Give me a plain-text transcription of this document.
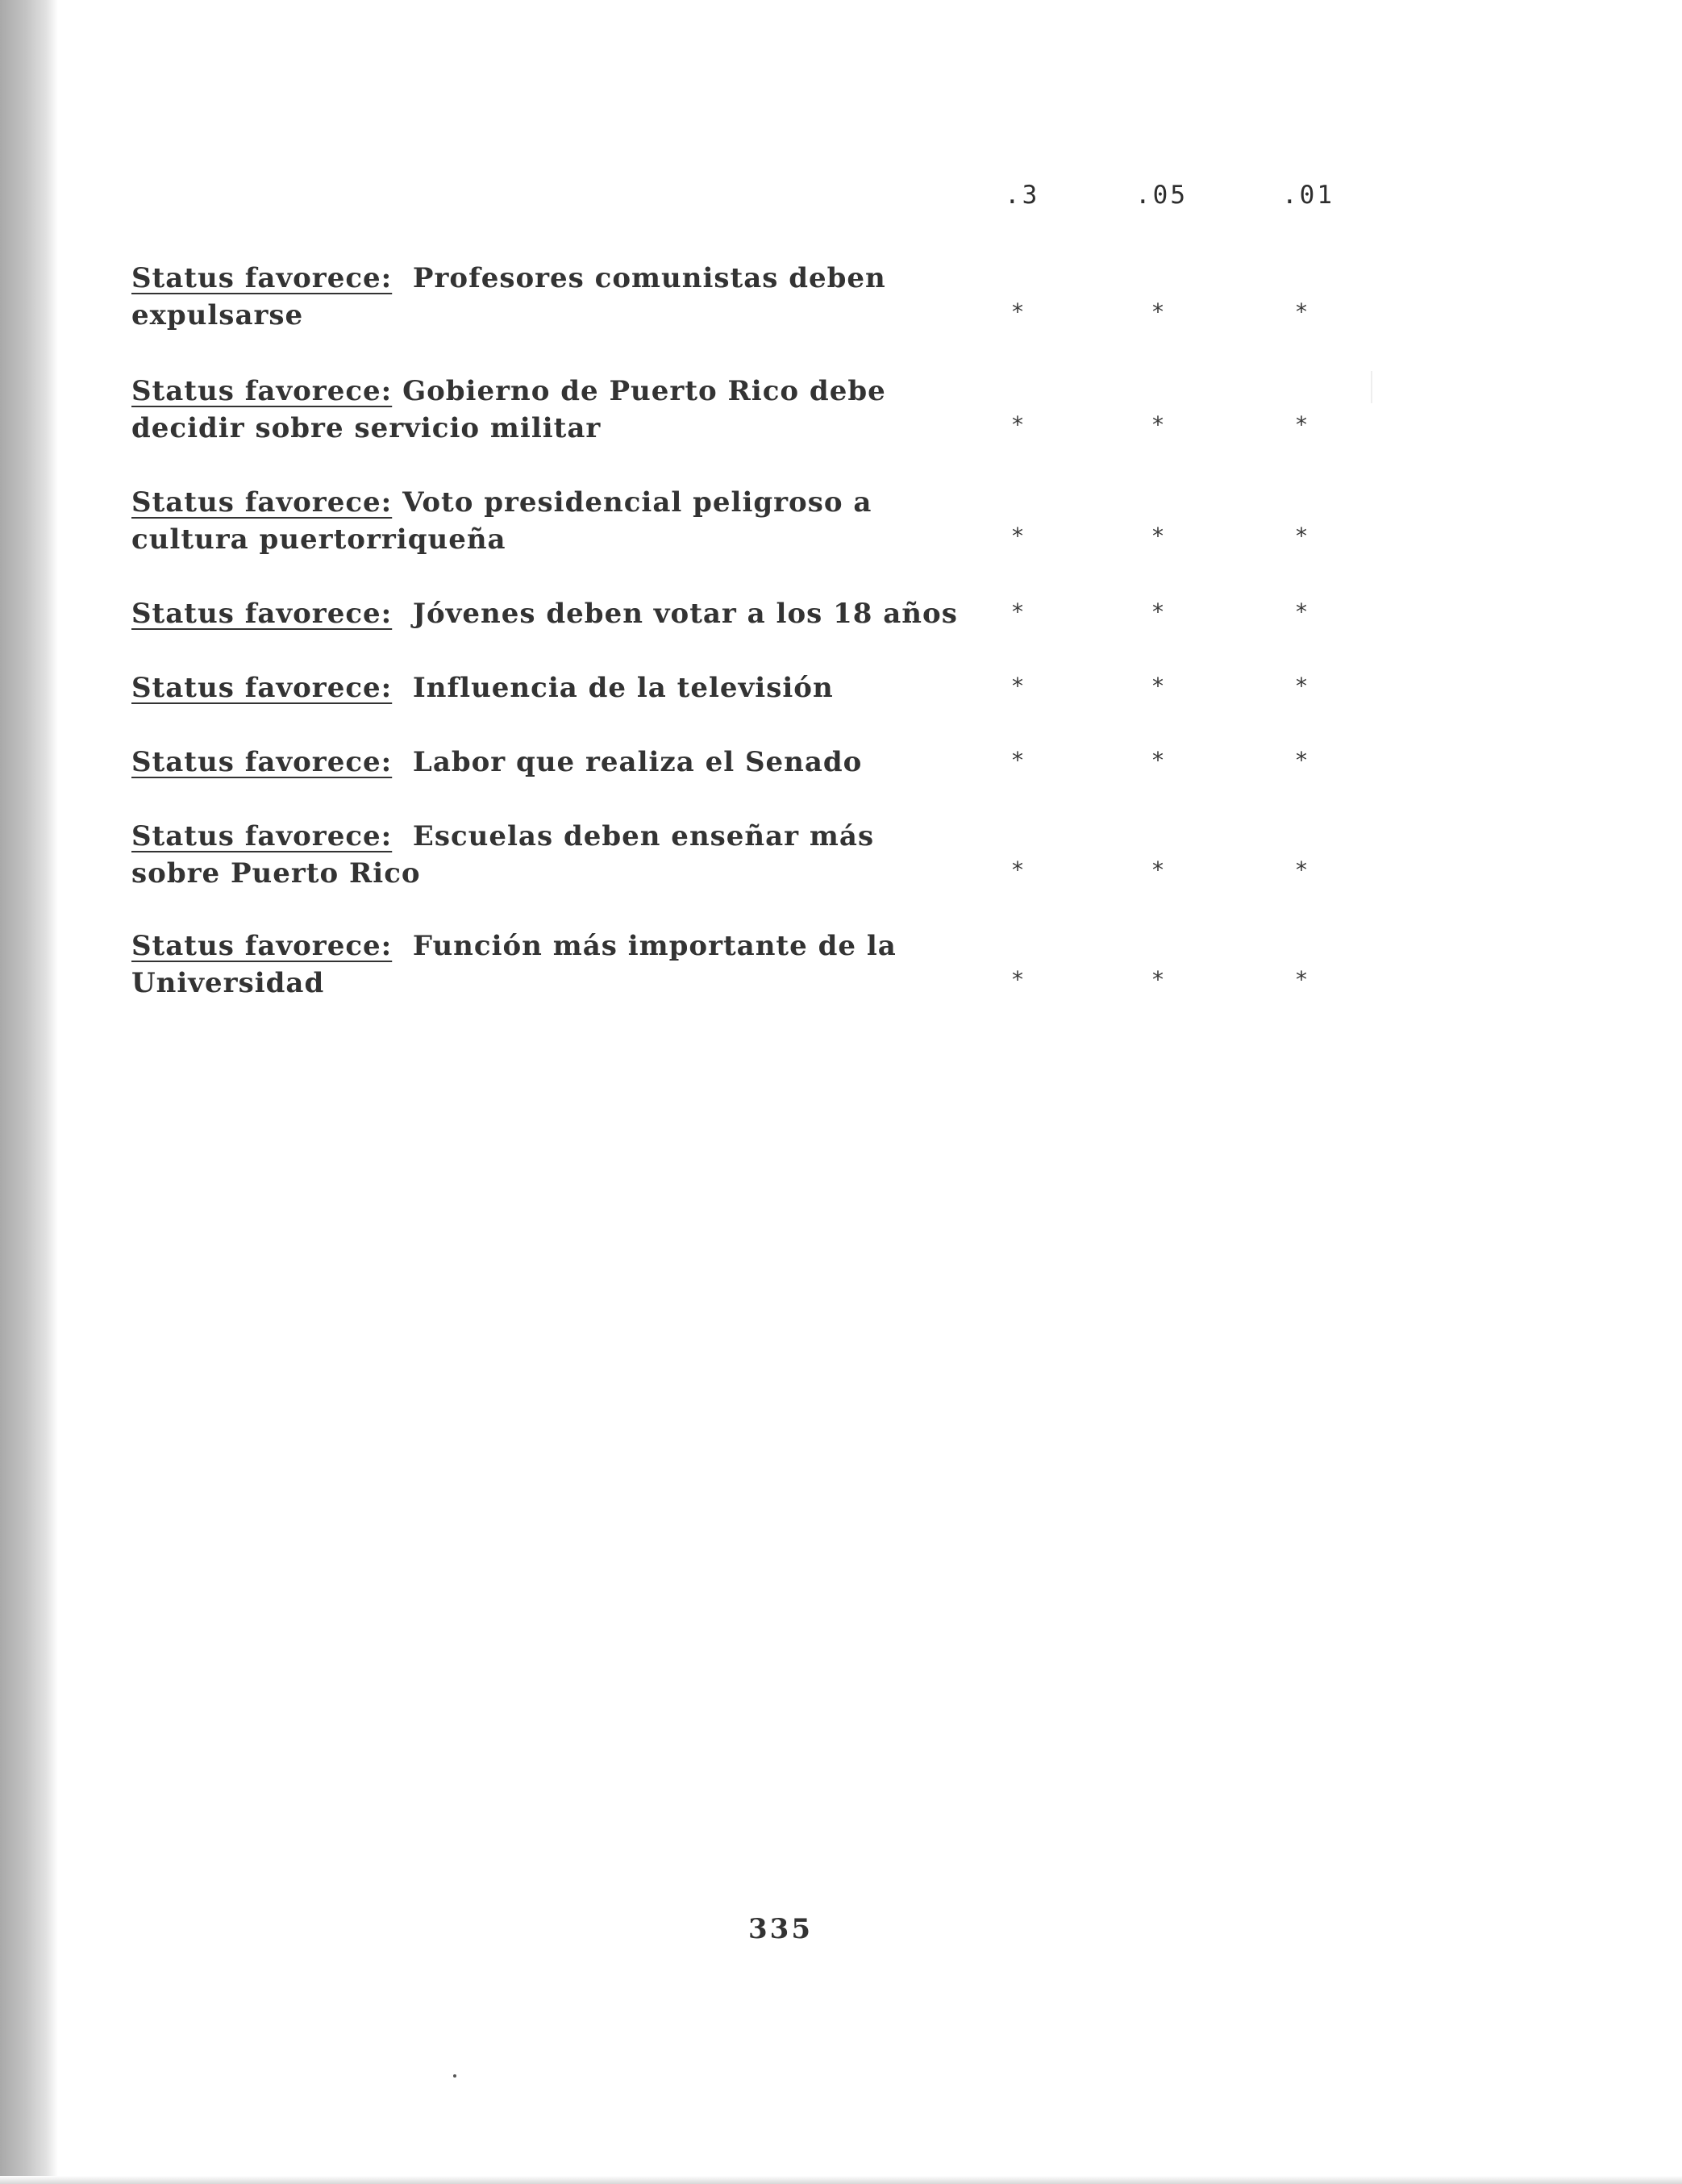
.3	.05	.01
Status favorece: Profesores comunistas deben
expulsarse	*	*	*
Status favorece: Gobierno de Puerto Rico debe
decidir sobre servicio militar	*	*	*
Status favorece: Voto presidencial peligroso a
cultura puertorriqueña	*	*	*
Status favorece: Jóvenes deben votar a los 18 años	*	*	*
Status favorece: Influencia de la televisión	*	*	*
Status favorece: Labor que realiza el Senado	*	*	*
Status favorece: Escuelas deben enseñar más
sobre Puerto Rico	*	*	*
Status favorece: Función más importante de la
Universidad	*	*	*
335
